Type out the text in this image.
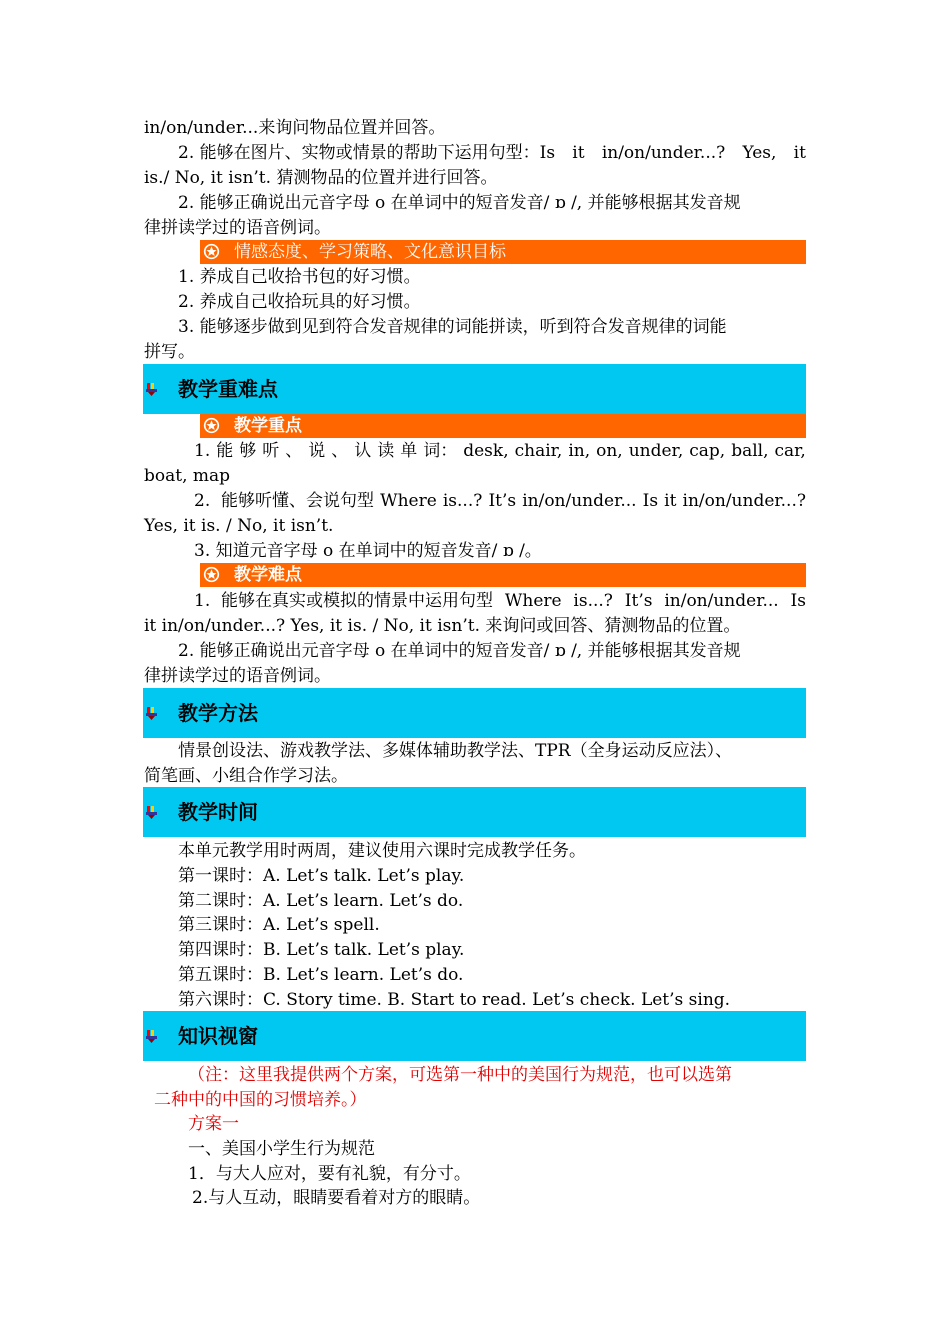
in/on/under...来询问物品位置并回答。
2. 能够在图片、实物或情景的帮助下运用句型：Is it in/on/under...? Yes, it
is./ No, it isn’t. 猜测物品的位置并进行回答。
2. 能够正确说出元音字母 o 在单词中的短音发音/ ɒ /, 并能够根据其发音规
律拼读学过的语音例词。
情感态度、学习策略、文化意识目标
1. 养成自己收拾书包的好习惯。
2. 养成自己收拾玩具的好习惯。
3. 能够逐步做到见到符合发音规律的词能拼读，听到符合发音规律的词能
拼写。
教学重难点
教学重点
1. 能 够 听 、 说 、 认 读 单 词： desk, chair, in, on, under, cap, ball, car,
boat, map
2.  能够听懂、会说句型 Where is...? It’s in/on/under... Is it in/on/under...?
Yes, it is. / No, it isn’t.
3. 知道元音字母 o 在单词中的短音发音/ ɒ /。
教学难点
1.  能够在真实或模拟的情景中运用句型 Where is...? It’s in/on/under... Is
it in/on/under...? Yes, it is. / No, it isn’t. 来询问或回答、猜测物品的位置。
2. 能够正确说出元音字母 o 在单词中的短音发音/ ɒ /, 并能够根据其发音规
律拼读学过的语音例词。
教学方法
情景创设法、游戏教学法、多媒体辅助教学法、TPR（全身运动反应法）、
简笔画、小组合作学习法。
教学时间
本单元教学用时两周，建议使用六课时完成教学任务。
第一课时：A. Let’s talk. Let’s play.
第二课时：A. Let’s learn. Let’s do.
第三课时：A. Let’s spell.
第四课时：B. Let’s talk. Let’s play.
第五课时：B. Let’s learn. Let’s do.
第六课时：C. Story time. B. Start to read. Let’s check. Let’s sing.
知识视窗
（注：这里我提供两个方案，可选第一种中的美国行为规范，也可以选第
二种中的中国的习惯培养。）
方案一
一、美国小学生行为规范
1．与大人应对，要有礼貌，有分寸。
2.与人互动，眼睛要看着对方的眼睛。
